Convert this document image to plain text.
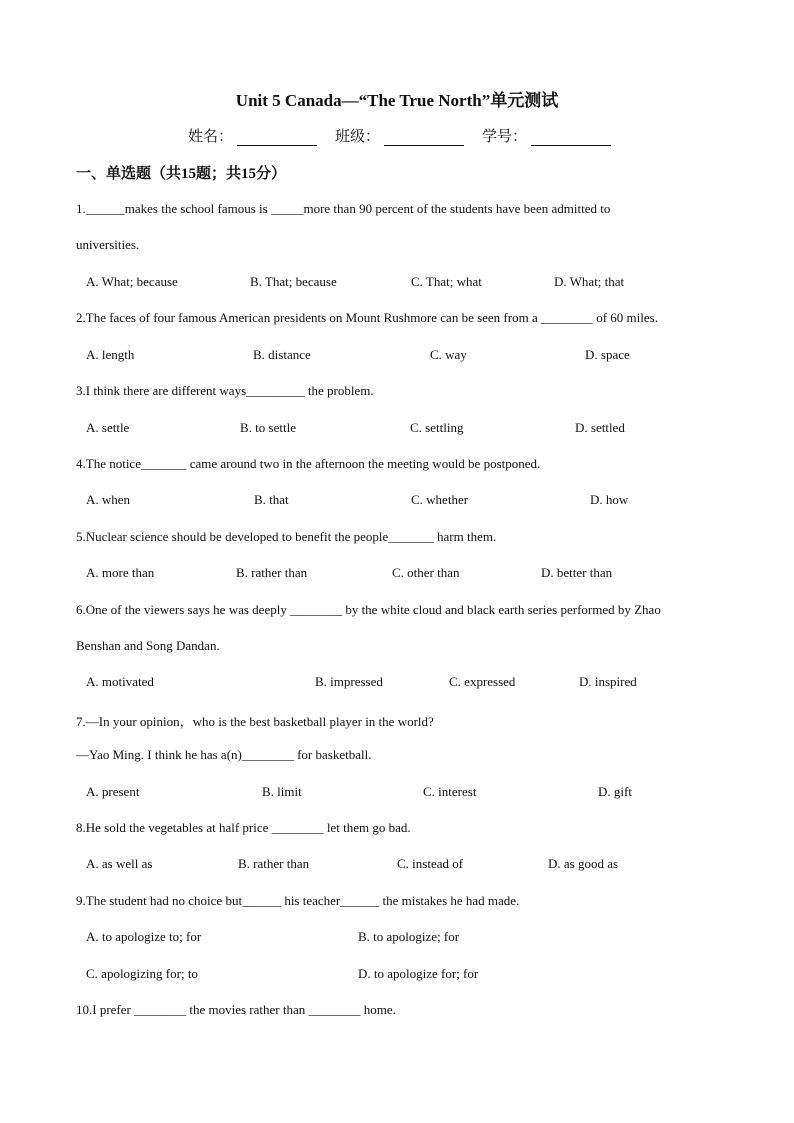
Unit 5 Canada—“The True North”单元测试
姓名：	班级：	学号：
一、单选题（共15题；共15分）
1.______makes the school famous is _____more than 90 percent of the students have been admitted to
universities.
A. What; because	B. That; because	C. That; what	D. What; that
2.The faces of four famous American presidents on Mount Rushmore can be seen from a ________ of 60 miles.
A. length	B. distance	C. way	D. space
3.I think there are different ways_________ the problem.
A. settle	B. to settle	C. settling	D. settled
4.The notice_______ came around two in the afternoon the meeting would be postponed.
A. when	B. that	C. whether	D. how
5.Nuclear science should be developed to benefit the people_______ harm them.
A. more than	B. rather than	C. other than	D. better than
6.One of the viewers says he was deeply ________ by the white cloud and black earth series performed by Zhao
Benshan and Song Dandan.
A. motivated	B. impressed	C. expressed	D. inspired
7.—In your opinion，who is the best basketball player in the world?
—Yao Ming. I think he has a(n)________ for basketball.
A. present	B. limit	C. interest	D. gift
8.He sold the vegetables at half price ________ let them go bad.
A. as well as	B. rather than	C. instead of	D. as good as
9.The student had no choice but______ his teacher______ the mistakes he had made.
A. to apologize to; for	B. to apologize; for
C. apologizing for; to	D. to apologize for; for
10.I prefer ________ the movies rather than ________ home.
